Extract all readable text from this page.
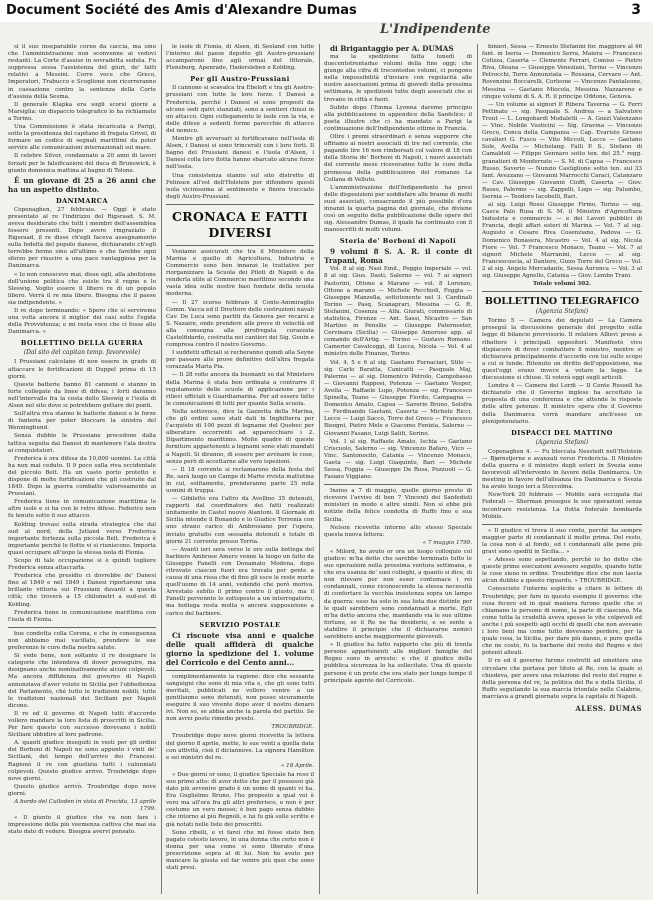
Document Société des Amis d'Alexandre Dumas	3
L'Indipendente

si il suo inseparabile corno da caccia, ma sino che l'amministrazione non sconvenne ai vedovi restanti. La Corte d'assise in sovradetta seduta. Fu soppressa sessa l'assistenza del giuri, de' fatti relativi a Messini. Corre voce che Greco, Imperatori, Trabucco e Scoglione non ricorreranno in cassazione contro la sentenza della Corte d'assisia della Sesma.

Il generale Klapka era sugli scorsi giorni a Marsiglia: un dispaccio telegrafico lo ha richiamato a Torino.

Una Commissione è stata incaricata a Parigi, sotto la presidenza del capitano di fregata Grivel, di formare un codice di segnali marittimi da poter servire alle comunicazioni internazionali sul mare.

Il celebre Silver, condannato a 20 anni di lavori forzati per le falsificazioni del duca di Brunswick, è giunto domenica mattina al bagno di Tolone.

È un giovane di 25 a 26 anni che ha un aspetto distinto.

DANIMARCA

Copenaghen, 27 febbraio. — Oggi è stato presentato al re l'indirizzo del Rigsraad. S. M. aveva desiderato che tutti i membri dell'assemblea fossero presenti. Dopo avere ringraziato il Rigsraad, il re disse ch'egli faceva assegnamento sulla fedeltà del popolo danese, dichiarando ch'egli terrebbe fermo sino all'ultimo e che farebbe ogni sforzo per riuscire a una pace vantaggiosa per la Danimarca.

« Io non conoscevo mai, disse egli, alla abolizione dell'unione politica che esiste tra il regno e lo Sleswig. Voglio essere il libero re di un popolo libero. Verrà il re mia libero. Bisogna che il paese sia indipendente. »

Il re dopo terminando: « Spero che si serviremo una volta ancora il miglior dei casi sotto l'egida della Provvidenza; e mi resta voce che ci fosse allo Danimarca. »

BOLLETTINO DELLA GUERRA
(Dal sito del capitan temp. favorevole)

I Prussiani calcolano di non essere in grado di attaccare le fortificazioni di Duppel prima di 15 giorni.

Queste batterie hanno 81 cannoni e stanno in forte collegate da linee di difesa; i forti daranno nell'intervallo fra la costa dello Sleswig e l'isola di Alsen nel sito dove si potrebbero gettare dei ponti.

Sull'altra riva stanno le batterie danesi e le forze di fanteria per poter bloccare la sinistra del Wenningbund.

Senza dubbio le Prussiane procedono dalla tattica seguita dai Danesi di mantenere l'ala destra ai conquistatori.

Frederica è ora difesa da 10,000 uomini. La città ha non mai ceduto. Il 9 poco sulla riva occidentale del piccolo Belt. Ha un vasto porto protetto e dispone di molte fortificazioni che gli costruite dal 1849. Dopo la guerra combatte valorosamente ai Prussiani.

Frederica tiene in comunicazione marittima le altre isole e si ha con le retro difese. Federico non fu tenuto sotto il suo attacco.

Kolding trovasi sulla strada strategica che dal sud al nord, della Jutland verso Frederica importante fortezza sulla piccola Belt. Frederica è importante perchè le flotte vi si riuniscono. Importa quasi occupare all'uopo la stessa isola di Fionia.

Scopo di tale occupazione si è quindi togliere Frederica senza attaccarla.

Frederica che presidio ci dovrebbe de' Danesi fino al 1849 e nel 1849 i Danesi riportarono una brillante vittoria sui Prussiani davanti a questa città; che troverà a 15 chilometri a sud-est di Kolding.

Frederica tiene in comunicazione marittima con l'isola di Fionia.

bus condotta colla Corona, e che in conseguenza non abbiamo mai vacillato, prendere le sue preferenze le cure della nostra salute.

Si vede bene, non soltanto il re designare le categorie che intendeva di dover perseguire, ma designano anche nominativamente alcuni colpevoli. Ma ancora diffidenza del governo di Napoli annunziava d'aver voluto in Sicilia per l'obbedienza del Parlamento, ché tutto le tradizioni nobili, tutte le tradizioni nazionali dei Siciliani per Napoli dicono.

Il re ed il governo di Napoli tutti d'accordo vollero mandare la loro lista di proscritti in Sicilia. Per fare questo con successo dovevano i nobili Siciliani ubbidire al loro padrone.

A. quanti giudice inseguiti in vesti per gli ordini dei Borboni di Napoli ne sono appunto i vinti de' Siciliani, del tempo dell'arrivo dei Francesi. Ragionò il re con giustizia tutti i calunniati colpevoli. Questo giudice arrivo. Troubridge dopo nove giorni.

Questo giudice arrivò. Troubridge dopo nove giorni.

A bordo del Culloden in vista di Procida, 13 aprile 1799.

« Il giunto il giudice che va non fare i impressione della più veemenza cattiva che mai sia stato dato di vedere. Bisogna avervi pensato.

le isole di Fionia, di Alsen, di Seeland con tutte l'interno del paese depotto gli Austro-prussiani accamparono fino agli ormai del littorale, Flensburg, Apenrade, Hadersleben e Kolding.

Per gli Austro-Prussiani

Il cannone si scavalca tra Ebeloft e tra gli Austro-prussiani con tutte le loro forze. I Danesi a Fredericia, perchè i Danesi si sono proposti da alcune sedi quivi stanziati, sono a sentieri chiusi in un attacco. Ogni collegamento le isole con la via, e delle difese a sedenti forme parecchie di attacco del nemico.

Mentre gli avversari si fortificavano nell'isola di Alsen, i Danesi si sono trincerati con i loro forti. Il bagno dei Prussiani danesi e l'isola d'Alsen, i Danesi colla loro flotta hanno sbarcato alcune forze nell'isola.

Una consistenza stanno sul sito distretto di Felinsen all'est dell'Holstein per difendere questi isola vicinissima al sentimento e finora tracciato degli Austro-Prussiani.

CRONACA E FATTI DIVERSI

Veniamo assicurati che tra il Ministero della Marina e quello di Agricoltura, Industria e Commercio sono ben innanzi le trattative per riorganizzare la Scuola dei Piloti di Napoli e da renderla utile al Commercio marittimo secondo una vasta idea sulle nostre basi fondate della scuola moderna.

— Il 27 scorso febbraio il Conte-Ammiraglio Comm. Vacca ed il Direttore delle costruzioni navali Cav. De Luca sono partiti da Genova per recarsi a S. Nazaire, onde prendere alle prove di velocità ed alla consegna alla pirofregata corazzata Castelfidardo, costruita nei cantieri dei Sig. Gouin e compresa contro il nostro Governo.

I suddetti ufficiali si recheranno quindi alla Seyne per passare alle prove definitive dell'altra fregata corazzata Maria Pia.

— Il 28 volte ancora da buonanti su dal Ministero della Marina è stata ben ordinata a contrarre il regolamento delle scuole di applicazione per i rilievi ufficiali e Guardiamarina. Per ad essere fatto le comunicazioni di tutti per quanto Sulla scuola.

Nella sottovoce, dice la Gazzetta della Marina, che gli ordini sono stati dati in Inghilterra per l'acquisto di 100 pezzi di legname del Quebec per alberature occorrenti ad apparecchiare i 2. Dipartimento marittimo. Molte quadre di queste forniture appartenenti a legnami sono stati mandati a Napoli. Si diranno, di essere per avvisare le cose, senza però di accettarne alle vere ispezioni.

— Il 18 corrente si reclamarono della festa del Re, sarà luogo un Campo di Marte rivista mattutina in cui, solitamente, prenderanno parte 25 mila uomini di truppa.

— Gibiletto era l'altro da Avellino 35 detenuti, rapporti dal coordinatore dei fatti realizzati unitamente in Castel nuovo Alantoni. Il Giornale di Sicilia intende il Bonando e lo Giudice Terrenia con uno strano carico di Ambrosiano per l'opera, inviato gratuito con sessanta detenuti e totale di giorni 21 corrente presso Terria.

— Avanti ieri sera verso le ore sulla bottega del barbiere Ambrose Amero venne la luogo un fatto da Giuseppe Fanelli con Donamato Modena, dopo ritrovato ciascun fuori era trovata per gente a causa di una rissa che di fino gli esce le reste morte quell'uomo di 14 anni, vedendo che però moriva. Arrestato subito il primo contro il giusto, ma il Fanelli pervennto lo sottoposto a un interrogatorio, ma bottega resta molta o ancora supposizione a carico del barbiere.

SERVIZIO POSTALE

Ci riscuote visa anni e qualche delle quali affiderà di qualche giorno la spedizione del 1. volume del Corricolo e del Cento anni...

complimentamente la ragione: dice che sessanta sanguigni che sono di mia vita e, che gli sono tutti meritati, pubblicati ne vollero venire a un gentiluomo sono detenuti, non posso sicuramente eseguire il suo vivente dopo aver il nostro denaro ivi. Non so, se abbia anche la parola del partito. Se non avrei posto rimedio presto.

TROUBRIDGE.

Troubridge dopo nove giorni ricevette la lettera del giorno 8 aprile, mette, lo sue venti a quella data con attività, cioè il diciannove. La signora Hamilton e sei ministri del re.

« 18 Aprile.

« Due giorni or sono, il giudice Speciale ha reso il suo primo atto: di aver detto che per il possesso già dato più avvenire grado è un uomo di quanti vi ha. Era Guglielmo Bruno, l'ho proposto a qual voi è vero ma all'ora fra gli altri preferisco, e non è per costume un vero mosso; è ben pago senza dubbio che intorno al più Regnoli, e lui fu già sulle scritte e già notati nelle liste dei proscritti.

Sono ribelli, e vi farei che mi fosse stato ben pagato cotesto lavoro, in una donna che certo non è donna per una come si sono liberato d'una prescrizione sopra al di lui. Non ho avuto per mancare la giusta sul far venire più quei che sono stati presi.

di Brigantaggio per A. DUMAS

ma la spedizione fatta lunedì di duecentotrentadue volumi della fine oggi; che giunge alla cifra di trecentodue volumi, ci pongono nella impossibilità d'inviare con regolarità alle nostre associazioni prima di giovedì della prossima settimana, le spedizioni tutte degli associati che si trovano in città e fuori.

Subito dopo l'Emma Lyonna daremo principio alla pubblicazione in appendice della Sanfelice; il poeta illustre che ci ha mandato a Parigi la continuazione dell'Indipendente ottime in Francia.

Oltre i premi straordinari e senza supporre che offriamo ai nostri associati di tre nel corrente, che pagando lire 16 non rimborsati col valore di 18 con della Storia de' Borboni di Napoli, i nuovi associati del corrente mese riceveranno tutte le cure della promessa della pubblicazione del romanzo La Collana di Velluto.

L'amministrazione dell'Indipendente ha presi delle disposizioni per soddisfare alle brame di molti suoi associati, consacrando il più possibile d'ora innanzi la quarta pagina del giornale, che diviene così un seguito della pubblicazione delle opere del sig. Alessandro Dumas, il quale ha continuato con il manoscritti di molti volumi.

Storia de' Borboni di Napoli

9 volumi 8 S. A. R. il conte di Trapani, Roma

Vol. 8 al sig. Nasi Emil., Poggio Imperiale — vol. 8 al sig. Gius. Dasti, Salerno — vol. 7 ai signori Pastorini, Ottone a Marano — vol. 8 Lorenzo, Ottone a marano — Michele Pecchioli, Foggia — Giuseppe Manzella, sottotenente nel 3. Cardinali Torino — Pasq. Scanaprari, Messina — G. R. Stefanini, Cosenza — Alfa. Giurati, commissario di statistica, Firenze — Ant. Sassi, Nicastro — San Martino in Pensilis — Giuseppe Paternoster, Cervinara (Sicilia) — Giuseppe Amoroso app. al comando dell'Artig. — Torino — Gustavo Romano. Camerier Cavalcoggi, di Lucca, Nicola — Vol. 4 al ministro delle Finanze, Torino.

Vol. 4, 5 e 6 al sig. Gaetano Fornaciari, Stilo — sig. Carlo Baratta, Canicattì — Pasquale Maj, Palermo — al sig. Domenico Petrolo, Campobasso — Giovanni Rapposi, Potenza — Gaetano Vesper, Avella — Raffaele Lupo, Potenza — sig. Francesco Spinella, Teano — Giuseppe Fiorito, Campagna — Domenico Amato, Capua — Saverio Bruno, Solofra — Ferdinando Gaetani, Caserta — Michele Ricci, Lecce — Luigi Sacco, Torre del Greco — Francesco Bisogni, Pietro Mele e Giacomo Fenizia, Salerno — Giovanni Fasano, Luigi Saliti, Serino.

Vol. 1 al sig. Raffaele Amato, Ischia — Gaetano Criscuolo, Salerno — sig. Vincenzo Bafaro, Vico — Vinc. Santonocito, Catania — Vincenzo Monaco, Gaeta — sig. Luigi Giaquinto, Bari — Michele Sessa, Foggia — Giuseppe De Rosa, Pozzuoli — G. Fasano Viggiano.

Insino a 7 di maggio, quelle giorno presto di ricevere l'avviso di ben 7 Vincenti dei Sanfedisti ministeri in modo e altre simili. Non si ebbe più notizie della felice condotta di Ruffo fino e sua Sicilia.

Nelson ricevette intorno allo stesso Speciale questa nuova lettera:

« 7 maggio 1799.

« Milord, ho avuto or ora un luogo colloquio col giudice: m'ha detto che sarebbe terminato tutto le sue operazioni nella prossima ventura settimana, e che era usanza de' suoi colleghi, a quanto si dice, di non rilevare per non esser contumace i rei condannati, come riconoscendo la stessa necessità di confortare la vecchia insistenza sopra un lampo da guerra: esso ha solo in sua lista due distinte per le quali sarebbero sono condannati a morte. Egli m'ha detto ancora che, mandando via le sue ultime fortune, se il Re ne ha desiderio, e se sente a stabilire il principio che il dichiararne nemici sarebbero anche maggiormente giovevoli.

« Il giudice ha fatto rapporto che più di trenta persone appartenenti alle migliori famiglie del Regno sono in arresto; e che il giudice della pubblica sicurezza lo ha sollecitato. Una di queste persone è un prete che era stato per lungo tempo il principale agente del Corricolo.

binieri, Sessa — Ernesto Stefanini for. maggiore al 46 fant. in Iseria — Domenico Serra, Maiera — Francesco Colizza, Caserta — Clemente Ferrari, Comiso — Pietro Riva, Oleana — Giuseppe Veneziani, Torino — Vincenzo Petrocchi, Torre Annunziata — Rossana, Cervaro — Ant. Rovenzino Boccarelli, Corleone — Vincenzo Pantaleone, Messina — Gaetano Miocola, Messina. Nazzareno e cinque volumi di S. A. R. il principe Oddone, Genova.

— Un volume ai signori P. Ribera Taverna — G. Ferri Pettinato — sig. Pasquale S. Andrea — a Salvatore Trout — L. Longobardi Modaletti — A. Gozzi Valenzano — Vinc. Nobile Vusticini — Sig. Gravina — Vincenzo Greco, Conca della Campania — Cap. Evaristo Grosso cavalieri G. Fusco — Vito Miccoli, Lecce — Gaetano Sole, Avella — Michelang. Falli P. S., Stefano di Camaldoli — Filippo Gennaro sotto ten. del 25.° regg. granatieri di Monferrato — S. M. di Capua — Francesco Russo, Saverio — Nunzio Castiglione sotto ten. sul 33 fant. Avezzano — Giovanni Marrocchi Caraci, Catanzaro — Cav. Giuseppe Giovanni Cioffi, Caserta — Giov. Russo, Palermo — sig. Zappelli, Lugo — sig. Palumbo, Isernia — Teodoro Iacobelli, Bari.

al sig. Luigi Rossi Giuseppe Firmo, Torino — sig. Casca Palo Rusa di S. M. il Ministro d'Agricoltura Industria e commercio — e dei Lavori pubblici di Francia, degli affari esteri di Marina — Vol. 7 al sig. Augusto e Cesare Riva Cosenziano, Padova — G. Domenico Bonasera, Nicastro — Vol. 4 al sig. Nicola Fiore — Vol. 7 Francesco Monaco, Teano — Vol. 7 ai signori Michele Marranini, Lecce — al sig. Francescoscia, al Dantere, Gizzo Torre del Greco — Vol. 2 al sig. Angelo Mercadante, Sessa Aurunca — Vol. 3 al sig. Giuseppe Agnello, Catania — Giov. Lembo Trani.

Totale volumi 302.

BOLLETTINO TELEGRAFICO
(Agenzia Stefani)

Torino 5 — Camera dei deputati — La Camera proseguì la discussione generale del progetto sulla legge di bilancio provvisorio. Il relatore Allievi prese a ribattere i principali oppositori. Manifestò vivo dispiacere di dover combattere il ministro, mentre si dichiarava principalmente d'accordo con lui sullo scopo a cui si tende. Ritenuto un diritto dell'opposizione, ma quest'oggi erano invece a votare la legge. La discussione si chiuse. Si voterà oggi sugli articoli.

Londra 4 — Camera dei Lordi — Il Conte Russell ha dichiarato che il Governo inglese ha accettato la proposta di una conferenza e che attende le risposte delle altre potenze. Il ministro spera che il Governo della Danimarca vorrà mandare anch'esso un plenipotenziario.

DISPACCI DEL MATTINO
(Agenzia Stefani)

Copenaghen 4. — Fu bloccata Nesstedt nell'Holstein — Bjørnstjerne e avanzati verso Fredericia. Il Ministro della guerra e il ministro degli esteri in Svezia sono favorevoli all'intervento in favore della Danimarca. Un meeting in favore dell'alleanza tra Danimarca e Svezia ha avuto luogo ieri a Stoccolma.

New-York 20 febbraio — Mobile sarà occupata dai Federali — Sherman prosegue le sue operazioni senza incontrare resistenza. La flotta federale bombarda Mobile.

« Il giudice vi trova il suo conto, perchè ha sempre maggior parte di condannati il molto prima. Del resto, la cosa non è al fondo, ed i condannati alle pene più gravi sono spediti in Sicilia... »

« Adesso sono aspettando, perchè io ho detto che queste prime esecuzioni avessero seguito, quando tutte le cose sieno in ordine. Troubridge dice che non lascia alcun dubbio a questo riguardo. » TROUBRIDGE.

Conosciuto l'interno esplicito a citare le lettere di Troubridge, per fare in questo esempio il governo: che cosa fecero ed in qual maniera furono quelle che si chiamano le persone di nome, la parte di ciascuno. Ma come tutta la crudeltà aveva spesso le vite colpevoli ed anche i più sospetti agli occhi di quelli che non avevano i loro beni ma come tutto dovevano perdere, per la quale cosa, la Sicilia, per dare più danno, e pure quella che ne costò, fu la barbarie del resto del Regno e dei potenti alleati.

Il re ed il governo furono costretti ad emettere una circolare che portava per titolo al Re, con la quale si chiedeva, per avere una relazione del resto del regno e della persona del re, la politica del Re e della Sicilia, il Ruffo seguitando la sua marcia trionfale nelle Calabrie, marciava a grandi giornate sopra la capitale di Napoli.

ALESS. DUMAS
